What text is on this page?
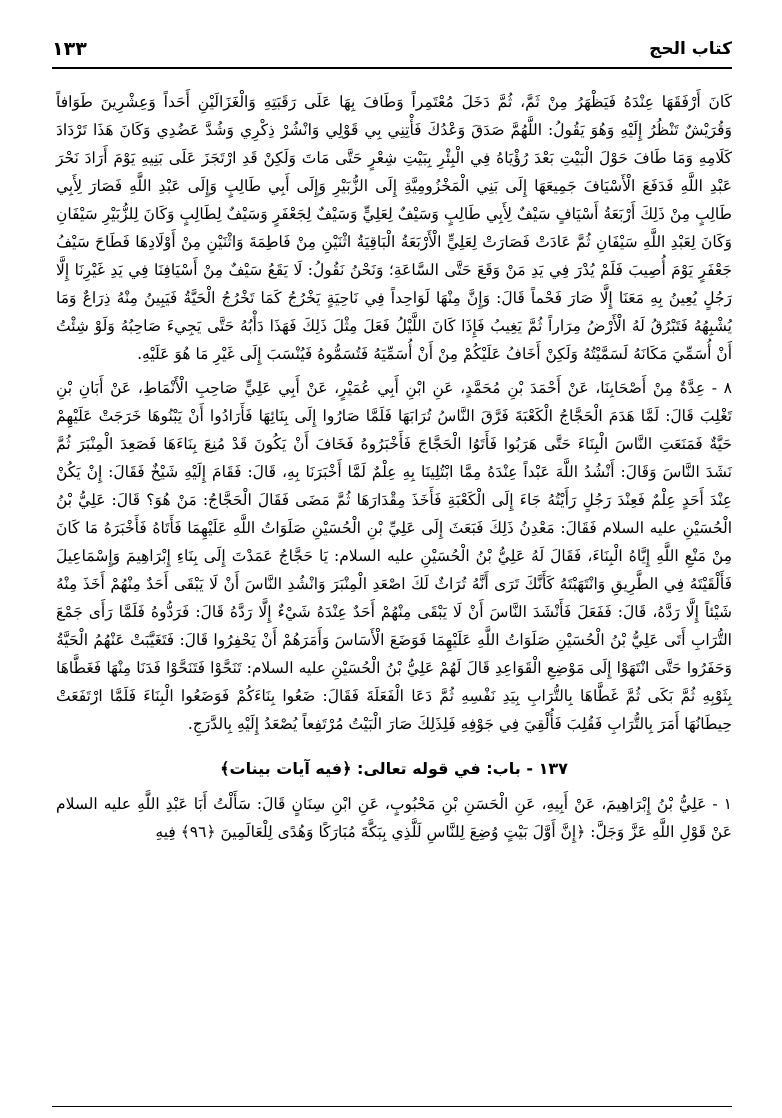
كتاب الحج
١٣٣

كَانَ أَرْفَقَهَا عِنْدَهُ فَيَظْهَرُ مِنْ ثَمَّ، ثُمَّ دَخَلَ مُعْتَمِراً وَطَافَ بِهَا عَلَى رَقَبَتِهِ وَالْغَزَالَيْنِ أَحَداً وَعِشْرِينَ طَوَافاً وَقُرَيْشٌ تَنْظُرُ إِلَيْهِ وَهُوَ يَقُولُ: اللَّهُمَّ صَدَقَ وَعْدُكَ فَأْتِنِي بِي قَوْلِي وَانْشُرْ ذِكْرِي وَشُدَّ عَضُدِي وَكَانَ هَذَا تَرْدَادَ كَلَامِهِ وَمَا طَافَ حَوْلَ الْبَيْتِ بَعْدَ رُؤْيَاهُ فِي الْبِئْرِ بِبَيْتِ شِعْرٍ حَتَّى مَاتَ وَلَكِنْ قَدِ ارْتَجَزَ عَلَى بَنِيهِ يَوْمَ أَرَادَ نَحْرَ عَبْدِ اللَّهِ فَدَفَعَ الْأَسْيَافَ جَمِيعَهَا إِلَى بَنِي الْمَخْزُومِيَّةِ إِلَى الزُّبَيْرِ وَإِلَى أَبِي طَالِبٍ وَإِلَى عَبْدِ اللَّهِ فَصَارَ لِأَبِي طَالِبٍ مِنْ ذَلِكَ أَرْبَعَةُ أَسْيَافٍ سَيْفٌ لِأَبِي طَالِبٍ وَسَيْفٌ لِعَلِيٍّ وَسَيْفٌ لِجَعْفَرٍ وَسَيْفٌ لِطَالِبٍ وَكَانَ لِلزُّبَيْرِ سَيْفَانِ وَكَانَ لِعَبْدِ اللَّهِ سَيْفَانِ ثُمَّ عَادَتْ فَصَارَتْ لِعَلِيٍّ الْأَرْبَعَةُ الْبَاقِيَةُ اثْنَيْنِ مِنْ فَاطِمَةَ وَاثْنَيْنِ مِنْ أَوْلَادِهَا فَطَاحَ سَيْفُ جَعْفَرٍ يَوْمَ أُصِيبَ فَلَمْ يُدْرَ فِي يَدِ مَنْ وَقَعَ حَتَّى السَّاعَةِ؛ وَنَحْنُ نَقُولُ: لَا يَقَعُ سَيْفٌ مِنْ أَسْيَافِنَا فِي يَدِ غَيْرِنَا إِلَّا رَجُلٍ يُعِينُ بِهِ مَعَنَا إِلَّا صَارَ فَحْماً قَالَ: وَإِنَّ مِنْهَا لَوَاحِداً فِي نَاحِيَةٍ يَخْرُجُ كَمَا تَخْرُجُ الْحَيَّةُ فَيَبِينُ مِنْهُ ذِرَاعٌ وَمَا يُشْبِهُهُ فَتَبْرُقُ لَهُ الْأَرْضُ مِرَاراً ثُمَّ يَغِيبُ فَإِذَا كَانَ اللَّيْلُ فَعَلَ مِثْلَ ذَلِكَ فَهَذَا دَأْبُهُ حَتَّى يَجِيءَ صَاحِبُهُ وَلَوْ شِئْتُ أَنْ أُسَمِّيَ مَكَانَهُ لَسَمَّيْتُهُ وَلَكِنْ أَخَافُ عَلَيْكُمْ مِنْ أَنْ أُسَمِّيَهُ فَتُسَمُّوهُ فَيُنْسَبَ إِلَى غَيْرِ مَا هُوَ عَلَيْهِ.

٨ - عِدَّةٌ مِنْ أَصْحَابِنَا، عَنْ أَحْمَدَ بْنِ مُحَمَّدٍ، عَنِ ابْنِ أَبِي عُمَيْرٍ، عَنْ أَبِي عَلِيٍّ صَاحِبِ الْأَنْمَاطِ، عَنْ أَبَانِ بْنِ تَغْلِبَ قَالَ: لَمَّا هَدَمَ الْحَجَّاجُ الْكَعْبَةَ فَرَّقَ النَّاسُ تُرَابَهَا فَلَمَّا صَارُوا إِلَى بِنَائِهَا فَأَرَادُوا أَنْ يَبْنُوهَا خَرَجَتْ عَلَيْهِمْ حَيَّةٌ فَمَنَعَتِ النَّاسَ الْبِنَاءَ حَتَّى هَرَبُوا فَأَتَوُا الْحَجَّاجَ فَأَخْبَرُوهُ فَخَافَ أَنْ يَكُونَ قَدْ مُنِعَ بِنَاءَهَا فَصَعِدَ الْمِنْبَرَ ثُمَّ نَشَدَ النَّاسَ وَقَالَ: أَنْشُدُ اللَّهَ عَبْداً عِنْدَهُ مِمَّا ابْتُلِينَا بِهِ عِلْمٌ لَمَّا أَخْبَرَنَا بِهِ، قَالَ: فَقَامَ إِلَيْهِ شَيْخٌ فَقَالَ: إِنْ يَكُنْ عِنْدَ أَحَدٍ عِلْمٌ فَعِنْدَ رَجُلٍ رَأَيْتُهُ جَاءَ إِلَى الْكَعْبَةِ فَأَخَذَ مِقْدَارَهَا ثُمَّ مَضَى فَقَالَ الْحَجَّاجُ: مَنْ هُوَ؟ قَالَ: عَلِيُّ بْنُ الْحُسَيْنِ عليه السلام فَقَالَ: مَعْدِنُ ذَلِكَ فَبَعَثَ إِلَى عَلِيِّ بْنِ الْحُسَيْنِ صَلَوَاتُ اللَّهِ عَلَيْهِمَا فَأَتَاهُ فَأَخْبَرَهُ مَا كَانَ مِنْ مَنْعِ اللَّهِ إِيَّاهُ الْبِنَاءَ، فَقَالَ لَهُ عَلِيُّ بْنُ الْحُسَيْنِ عليه السلام: يَا حَجَّاجُ عَمَدْتَ إِلَى بِنَاءِ إِبْرَاهِيمَ وَإِسْمَاعِيلَ فَأَلْقَيْتَهُ فِي الطَّرِيقِ وَانْتَهَبْتَهُ كَأَنَّكَ تَرَى أَنَّهُ تُرَاثٌ لَكَ اصْعَدِ الْمِنْبَرَ وَانْشُدِ النَّاسَ أَنْ لَا يَبْقَى أَحَدٌ مِنْهُمْ أَخَذَ مِنْهُ شَيْئاً إِلَّا رَدَّهُ، قَالَ: فَفَعَلَ فَأَنْشَدَ النَّاسَ أَنْ لَا يَبْقَى مِنْهُمْ أَحَدٌ عِنْدَهُ شَيْءٌ إِلَّا رَدَّهُ قَالَ: فَرَدُّوهُ فَلَمَّا رَأَى جَمْعَ التُّرَابِ أَتَى عَلِيُّ بْنُ الْحُسَيْنِ صَلَوَاتُ اللَّهِ عَلَيْهِمَا فَوَضَعَ الْأَسَاسَ وَأَمَرَهُمْ أَنْ يَحْفِرُوا قَالَ: فَتَغَيَّبَتْ عَنْهُمُ الْحَيَّةُ وَحَفَرُوا حَتَّى انْتَهَوْا إِلَى مَوْضِعِ الْقَوَاعِدِ قَالَ لَهُمْ عَلِيُّ بْنُ الْحُسَيْنِ عليه السلام: تَنَحَّوْا فَتَنَحَّوْا فَدَنَا مِنْهَا فَغَطَّاهَا بِثَوْبِهِ ثُمَّ بَكَى ثُمَّ غَطَّاهَا بِالتُّرَابِ بِيَدِ نَفْسِهِ ثُمَّ دَعَا الْفَعَلَةَ فَقَالَ: ضَعُوا بِنَاءَكُمْ فَوَضَعُوا الْبِنَاءَ فَلَمَّا ارْتَفَعَتْ حِيطَانُهَا أَمَرَ بِالتُّرَابِ فَقُلِبَ فَأُلْقِيَ فِي جَوْفِهِ فَلِذَلِكَ صَارَ الْبَيْتُ مُرْتَفِعاً يُصْعَدُ إِلَيْهِ بِالدَّرَجِ.

١٣٧ - باب: في قوله تعالى: ﴿فيه آيات بينات﴾

١ - عَلِيُّ بْنُ إِبْرَاهِيمَ، عَنْ أَبِيهِ، عَنِ الْحَسَنِ بْنِ مَحْبُوبٍ، عَنِ ابْنِ سِنَانٍ قَالَ: سَأَلْتُ أَبَا عَبْدِ اللَّهِ عليه السلام عَنْ قَوْلِ اللَّهِ عَزَّ وَجَلَّ: ﴿إِنَّ أَوَّلَ بَيْتٍ وُضِعَ لِلنَّاسِ لَلَّذِي بِبَكَّةَ مُبَارَكًا وَهُدًى لِلْعَالَمِينَ ﴿٩٦﴾ فِيهِ
